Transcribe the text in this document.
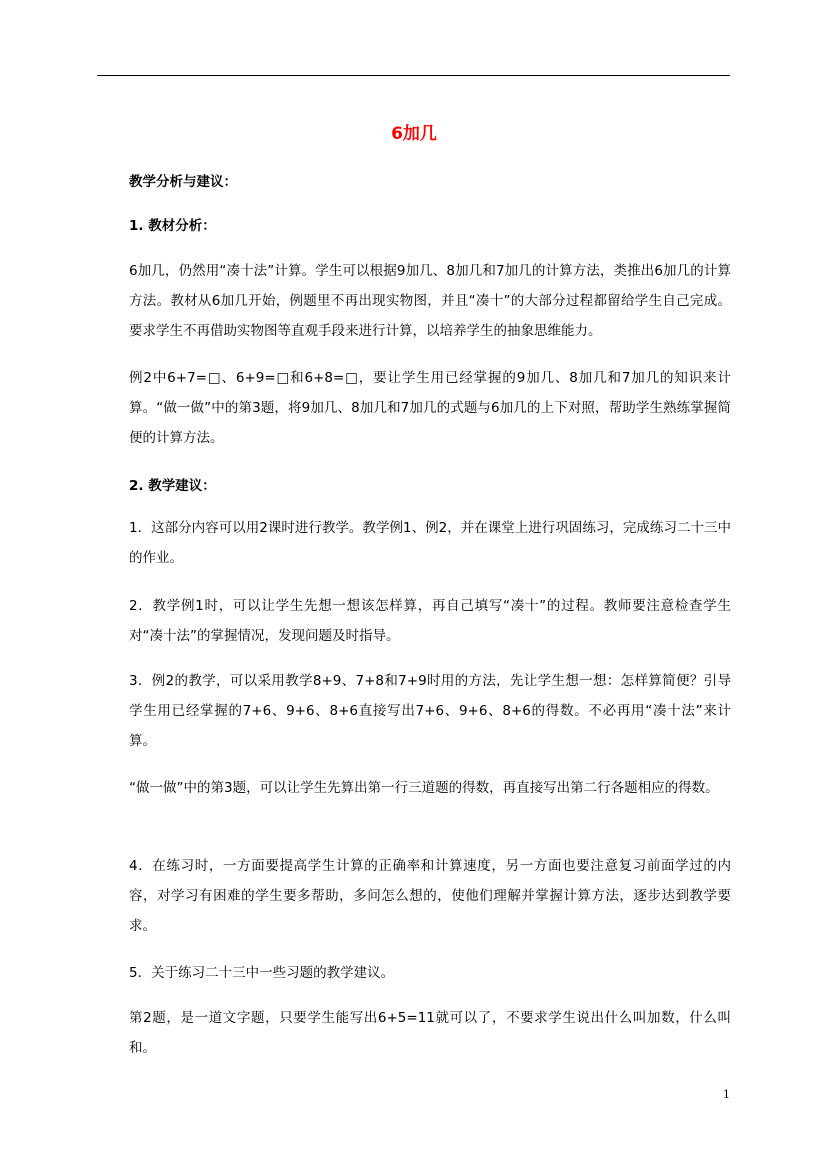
6加几
教学分析与建议：
1. 教材分析：
6加几，仍然用“凑十法”计算。学生可以根据9加几、8加几和7加几的计算方法，类推出6加几的计算方法。教材从6加几开始，例题里不再出现实物图，并且“凑十”的大部分过程都留给学生自己完成。要求学生不再借助实物图等直观手段来进行计算，以培养学生的抽象思维能力。
例2中6+7=□、6+9=□和6+8=□，要让学生用已经掌握的9加几、8加几和7加几的知识来计算。“做一做”中的第3题，将9加几、8加几和7加几的式题与6加几的上下对照，帮助学生熟练掌握简便的计算方法。
2. 教学建议：
1．这部分内容可以用2课时进行教学。教学例1、例2，并在课堂上进行巩固练习，完成练习二十三中的作业。
2．教学例1时，可以让学生先想一想该怎样算，再自己填写“凑十”的过程。教师要注意检查学生对“凑十法”的掌握情况，发现问题及时指导。
3．例2的教学，可以采用教学8+9、7+8和7+9时用的方法，先让学生想一想：怎样算简便？引导学生用已经掌握的7+6、9+6、8+6直接写出7+6、9+6、8+6的得数。不必再用“凑十法”来计算。
“做一做”中的第3题，可以让学生先算出第一行三道题的得数，再直接写出第二行各题相应的得数。
4．在练习时，一方面要提高学生计算的正确率和计算速度，另一方面也要注意复习前面学过的内容，对学习有困难的学生要多帮助，多问怎么想的，使他们理解并掌握计算方法，逐步达到教学要求。
5．关于练习二十三中一些习题的教学建议。
第2题，是一道文字题，只要学生能写出6+5=11就可以了，不要求学生说出什么叫加数，什么叫和。
1
